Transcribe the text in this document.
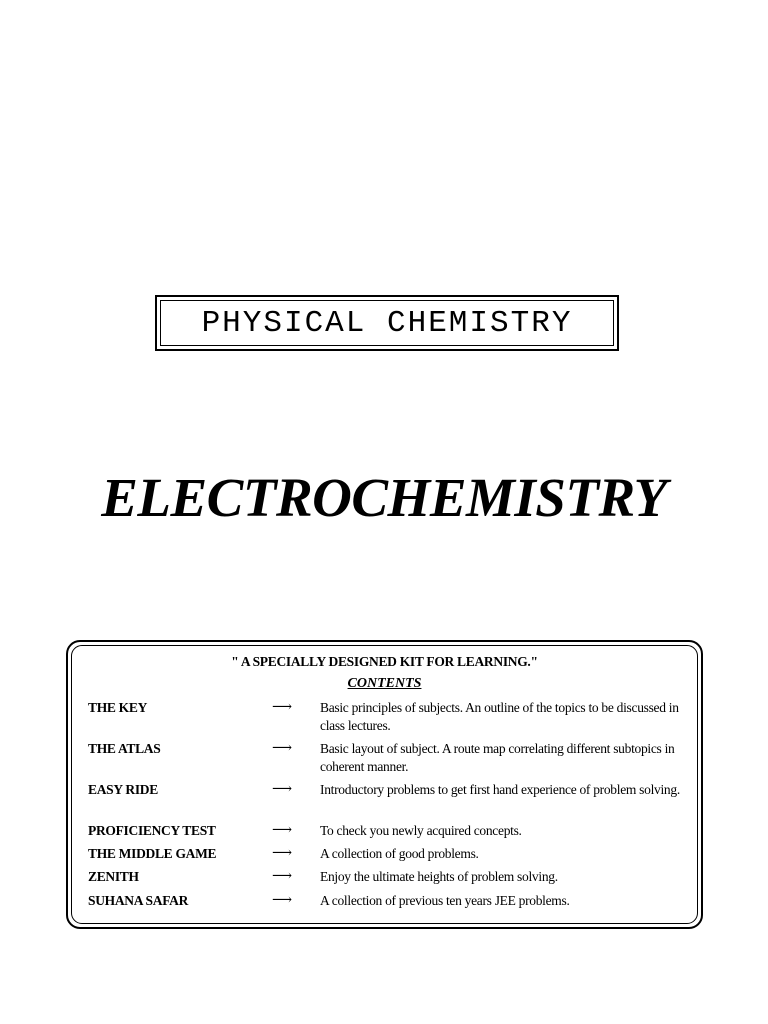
PHYSICAL CHEMISTRY
ELECTROCHEMISTRY
" A SPECIALLY DESIGNED KIT FOR LEARNING."
CONTENTS
THE KEY	⟶ Basic principles of subjects. An outline of the topics to be discussed in class lectures.
THE ATLAS	⟶ Basic layout of subject. A route map correlating different subtopics in coherent manner.
EASY RIDE	⟶ Introductory problems to get first hand experience of problem solving.
PROFICIENCY TEST	⟶ To check you newly acquired concepts.
THE MIDDLE GAME	⟶ A collection of good problems.
ZENITH	⟶ Enjoy the ultimate heights of problem solving.
SUHANA SAFAR	⟶ A collection of previous ten years JEE problems.
